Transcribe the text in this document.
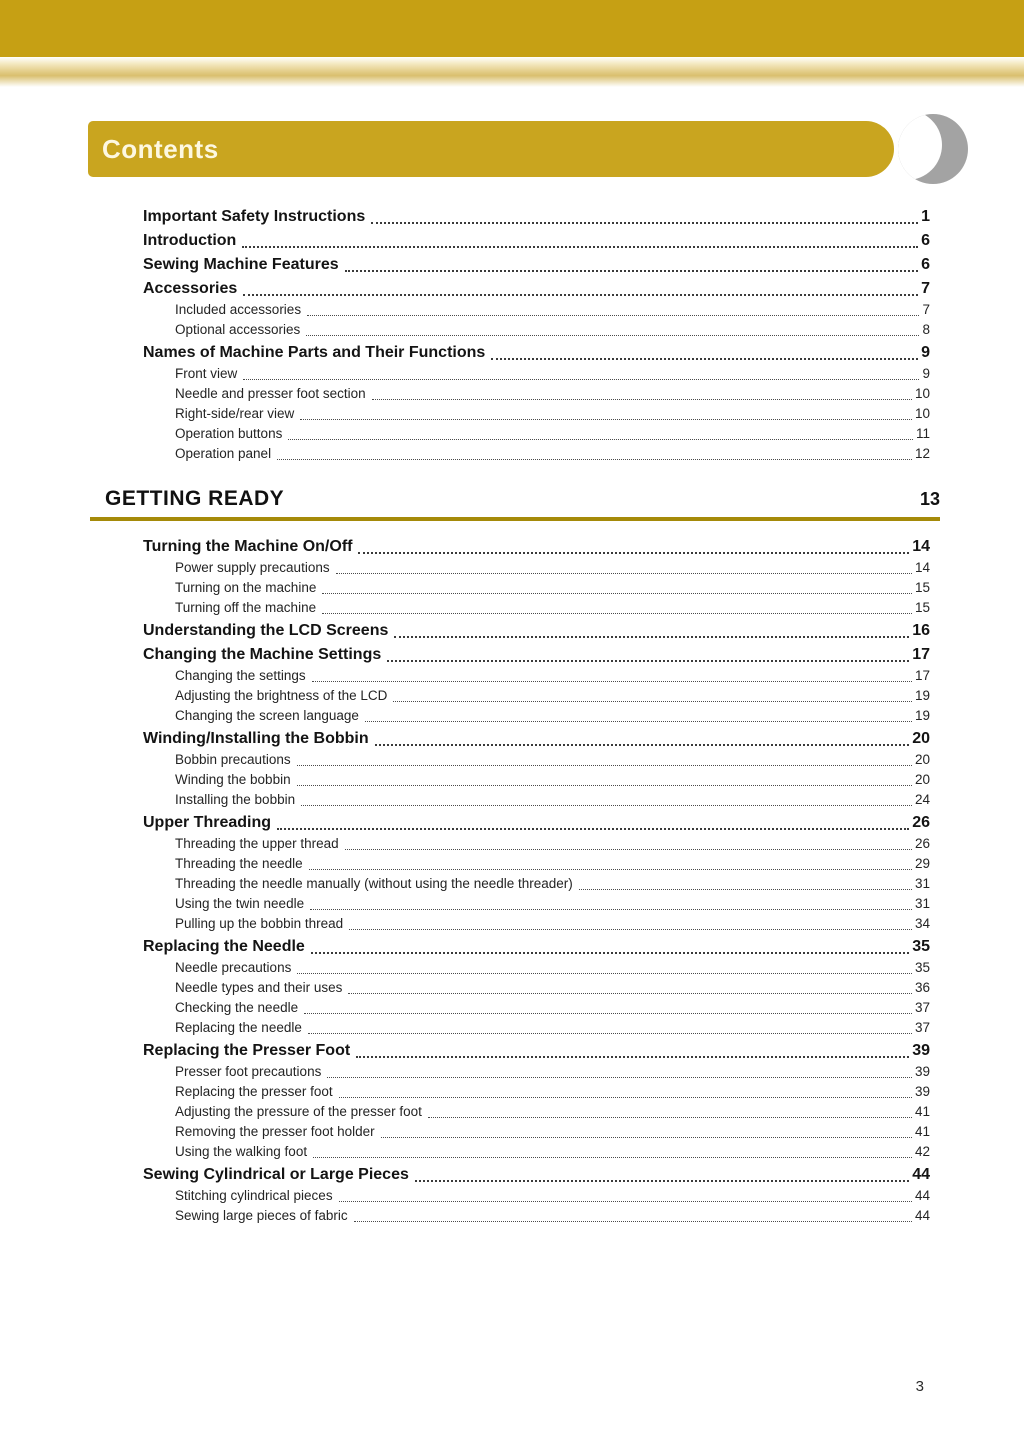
Contents
Important Safety Instructions	1
Introduction	6
Sewing Machine Features	6
Accessories	7
Included accessories	7
Optional accessories	8
Names of Machine Parts and Their Functions	9
Front view	9
Needle and presser foot section	10
Right-side/rear view	10
Operation buttons	11
Operation panel	12
GETTING READY	13
Turning the Machine On/Off	14
Power supply precautions	14
Turning on the machine	15
Turning off the machine	15
Understanding the LCD Screens	16
Changing the Machine Settings	17
Changing the settings	17
Adjusting the brightness of the LCD	19
Changing the screen language	19
Winding/Installing the Bobbin	20
Bobbin precautions	20
Winding the bobbin	20
Installing the bobbin	24
Upper Threading	26
Threading the upper thread	26
Threading the needle	29
Threading the needle manually (without using the needle threader)	31
Using the twin needle	31
Pulling up the bobbin thread	34
Replacing the Needle	35
Needle precautions	35
Needle types and their uses	36
Checking the needle	37
Replacing the needle	37
Replacing the Presser Foot	39
Presser foot precautions	39
Replacing the presser foot	39
Adjusting the pressure of the presser foot	41
Removing the presser foot holder	41
Using the walking foot	42
Sewing Cylindrical or Large Pieces	44
Stitching cylindrical pieces	44
Sewing large pieces of fabric	44
3
